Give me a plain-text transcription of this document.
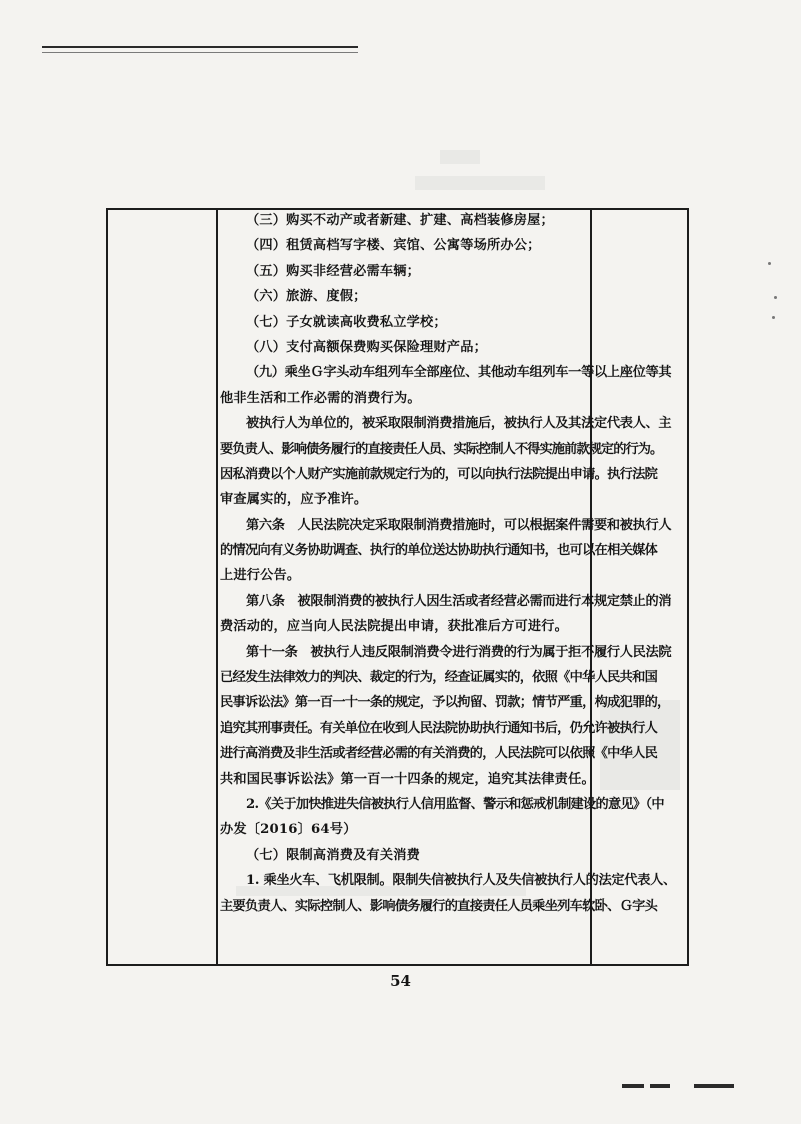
（三）购买不动产或者新建、扩建、高档装修房屋；
（四）租赁高档写字楼、宾馆、公寓等场所办公；
（五）购买非经营必需车辆；
（六）旅游、度假；
（七）子女就读高收费私立学校；
（八）支付高额保费购买保险理财产品；
（九）乘坐Ｇ字头动车组列车全部座位、其他动车组列车一等以上座位等其
他非生活和工作必需的消费行为。
被执行人为单位的，被采取限制消费措施后，被执行人及其法定代表人、主
要负责人、影响债务履行的直接责任人员、实际控制人不得实施前款规定的行为。
因私消费以个人财产实施前款规定行为的，可以向执行法院提出申请。执行法院
审查属实的，应予准许。
第六条　人民法院决定采取限制消费措施时，可以根据案件需要和被执行人
的情况向有义务协助调查、执行的单位送达协助执行通知书，也可以在相关媒体
上进行公告。
第八条　被限制消费的被执行人因生活或者经营必需而进行本规定禁止的消
费活动的，应当向人民法院提出申请，获批准后方可进行。
第十一条　被执行人违反限制消费令进行消费的行为属于拒不履行人民法院
已经发生法律效力的判决、裁定的行为，经查证属实的，依照《中华人民共和国
民事诉讼法》第一百一十一条的规定，予以拘留、罚款；情节严重，构成犯罪的，
追究其刑事责任。有关单位在收到人民法院协助执行通知书后，仍允许被执行人
进行高消费及非生活或者经营必需的有关消费的，人民法院可以依照《中华人民
共和国民事诉讼法》第一百一十四条的规定，追究其法律责任。
2.《关于加快推进失信被执行人信用监督、警示和惩戒机制建设的意见》（中
办发〔2016〕64号）
（七）限制高消费及有关消费
1. 乘坐火车、飞机限制。限制失信被执行人及失信被执行人的法定代表人、
主要负责人、实际控制人、影响债务履行的直接责任人员乘坐列车软卧、Ｇ字头
54
